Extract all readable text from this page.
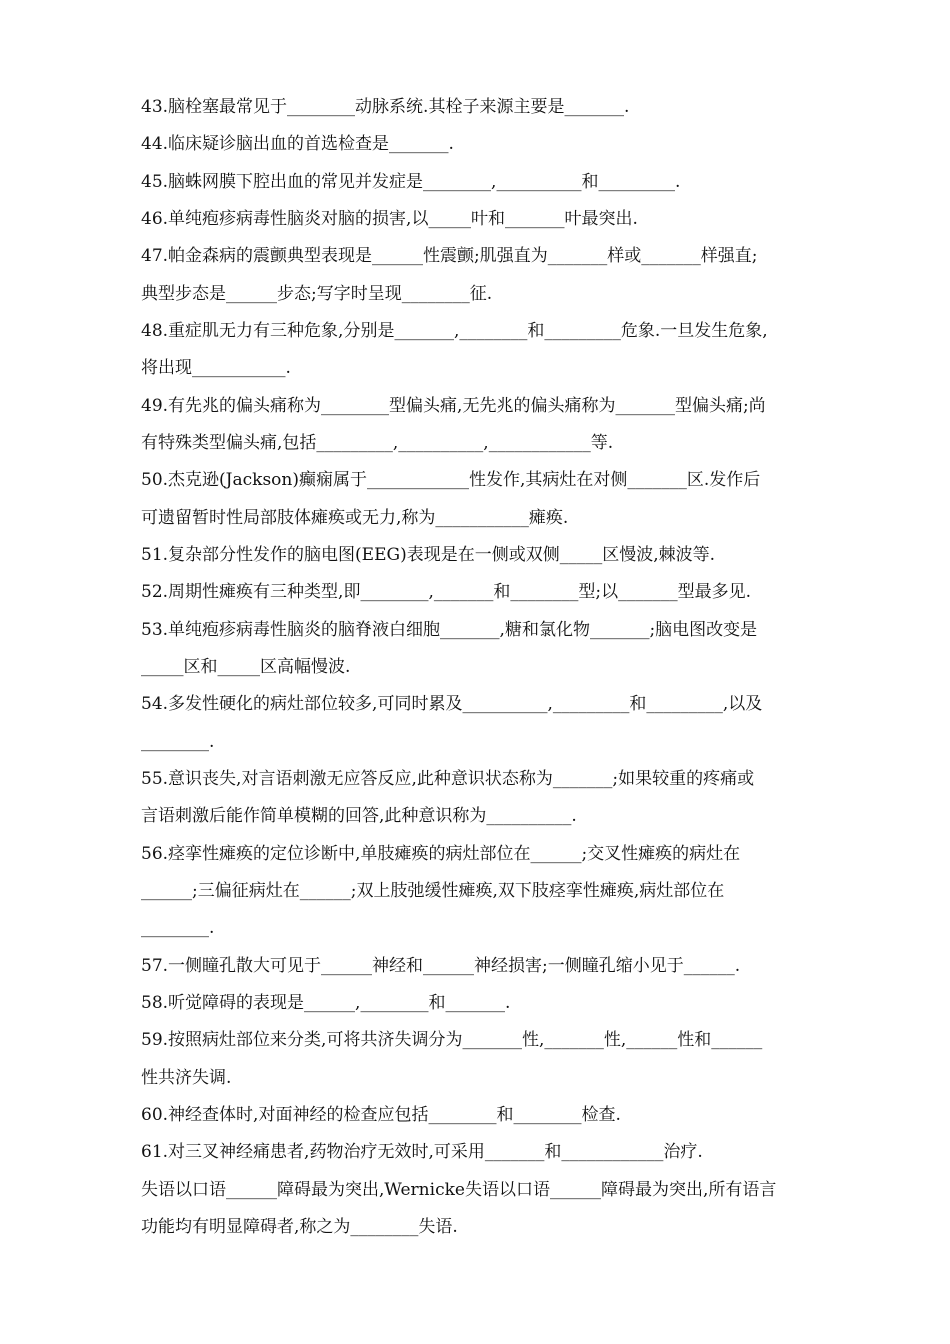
43.脑栓塞最常见于________动脉系统.其栓子来源主要是_______.
44.临床疑诊脑出血的首选检查是_______.
45.脑蛛网膜下腔出血的常见并发症是________,__________和_________.
46.单纯疱疹病毒性脑炎对脑的损害,以_____叶和_______叶最突出.
47.帕金森病的震颤典型表现是______性震颤;肌强直为_______样或_______样强直;
典型步态是______步态;写字时呈现________征.
48.重症肌无力有三种危象,分别是_______,________和_________危象.一旦发生危象,
将出现___________.
49.有先兆的偏头痛称为________型偏头痛,无先兆的偏头痛称为_______型偏头痛;尚
有特殊类型偏头痛,包括_________,__________,____________等.
50.杰克逊(Jackson)癫痫属于____________性发作,其病灶在对侧_______区.发作后
可遗留暂时性局部肢体瘫痪或无力,称为___________瘫痪.
51.复杂部分性发作的脑电图(EEG)表现是在一侧或双侧_____区慢波,棘波等.
52.周期性瘫痪有三种类型,即________,_______和________型;以_______型最多见.
53.单纯疱疹病毒性脑炎的脑脊液白细胞_______,糖和氯化物_______;脑电图改变是
_____区和_____区高幅慢波.
54.多发性硬化的病灶部位较多,可同时累及__________,_________和_________,以及
________.
55.意识丧失,对言语刺激无应答反应,此种意识状态称为_______;如果较重的疼痛或
言语刺激后能作简单模糊的回答,此种意识称为__________.
56.痉挛性瘫痪的定位诊断中,单肢瘫痪的病灶部位在______;交叉性瘫痪的病灶在
______;三偏征病灶在______;双上肢弛缓性瘫痪,双下肢痉挛性瘫痪,病灶部位在
________.
57.一侧瞳孔散大可见于______神经和______神经损害;一侧瞳孔缩小见于______.
58.听觉障碍的表现是______,________和_______.
59.按照病灶部位来分类,可将共济失调分为_______性,_______性,______性和______
性共济失调.
60.神经查体时,对面神经的检查应包括________和________检查.
61.对三叉神经痛患者,药物治疗无效时,可采用_______和____________治疗.
失语以口语______障碍最为突出,Wernicke失语以口语______障碍最为突出,所有语言
功能均有明显障碍者,称之为________失语.
